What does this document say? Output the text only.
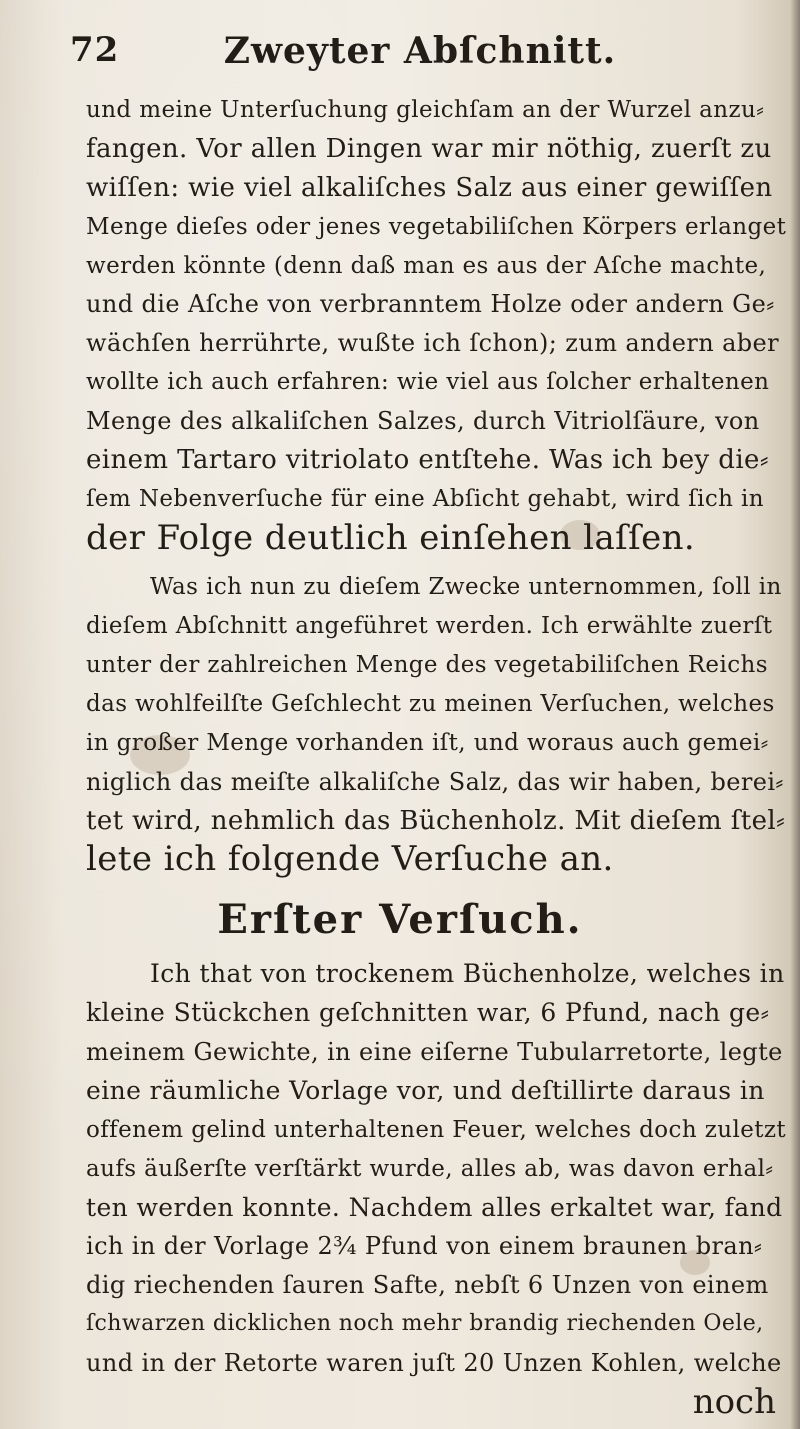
72	Zweyter Abſchnitt.
und meine Unterſuchung gleichſam an der Wurzel anzu⸗
fangen. Vor allen Dingen war mir nöthig, zuerſt zu
wiſſen: wie viel alkaliſches Salz aus einer gewiſſen
Menge dieſes oder jenes vegetabiliſchen Körpers erlanget
werden könnte (denn daß man es aus der Aſche machte,
und die Aſche von verbranntem Holze oder andern Ge⸗
wächſen herrührte, wußte ich ſchon); zum andern aber
wollte ich auch erfahren: wie viel aus ſolcher erhaltenen
Menge des alkaliſchen Salzes, durch Vitriolſäure, von
einem Tartaro vitriolato entſtehe. Was ich bey die⸗
ſem Nebenverſuche für eine Abſicht gehabt, wird ſich in
der Folge deutlich einſehen laſſen.
Was ich nun zu dieſem Zwecke unternommen, ſoll in
dieſem Abſchnitt angeführet werden. Ich erwählte zuerſt
unter der zahlreichen Menge des vegetabiliſchen Reichs
das wohlfeilſte Geſchlecht zu meinen Verſuchen, welches
in großer Menge vorhanden iſt, und woraus auch gemei⸗
niglich das meiſte alkaliſche Salz, das wir haben, berei⸗
tet wird, nehmlich das Büchenholz. Mit dieſem ſtel⸗
lete ich folgende Verſuche an.
Erſter Verſuch.
Ich that von trockenem Büchenholze, welches in
kleine Stückchen geſchnitten war, 6 Pfund, nach ge⸗
meinem Gewichte, in eine eiſerne Tubularretorte, legte
eine räumliche Vorlage vor, und deſtillirte daraus in
offenem gelind unterhaltenen Feuer, welches doch zuletzt
aufs äußerſte verſtärkt wurde, alles ab, was davon erhal⸗
ten werden konnte. Nachdem alles erkaltet war, fand
ich in der Vorlage 2¾ Pfund von einem braunen bran⸗
dig riechenden ſauren Safte, nebſt 6 Unzen von einem
ſchwarzen dicklichen noch mehr brandig riechenden Oele,
und in der Retorte waren juſt 20 Unzen Kohlen, welche
noch
